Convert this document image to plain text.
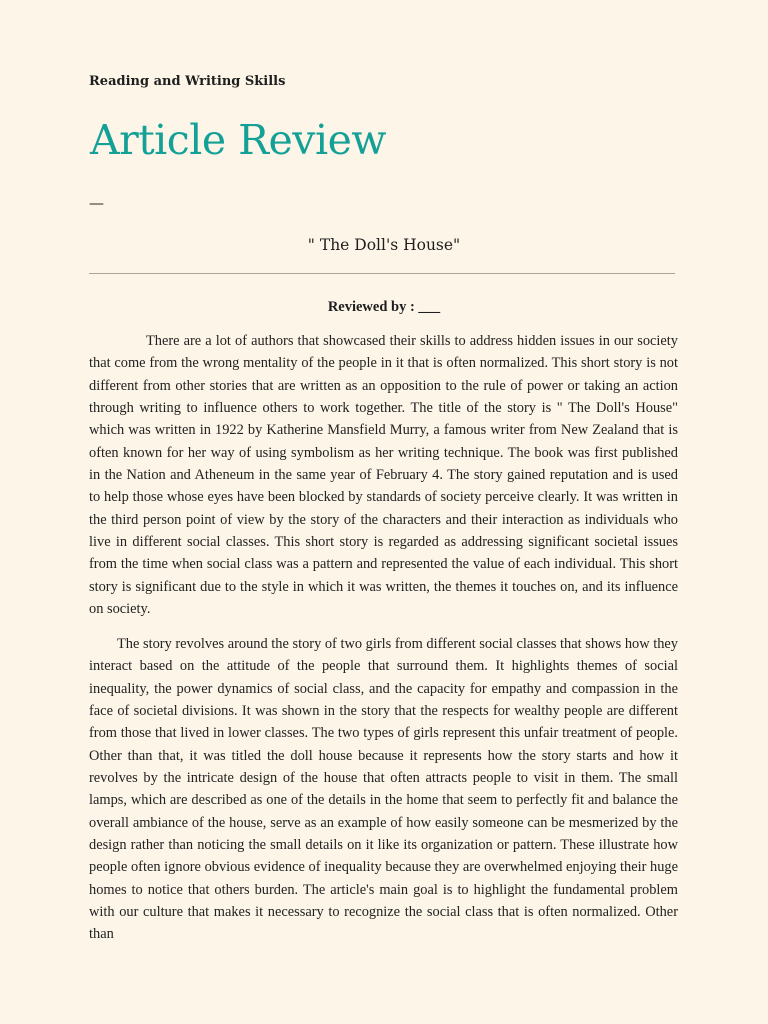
Reading and Writing Skills
Article Review
—
" The Doll's House"
Reviewed by : ___

There are a lot of authors that showcased their skills to address hidden issues in our society that come from the wrong mentality of the people in it that is often normalized. This short story is not different from other stories that are written as an opposition to the rule of power or taking an action through writing to influence others to work together. The title of the story is " The Doll's House" which was written in 1922 by Katherine Mansfield Murry, a famous writer from New Zealand that is often known for her way of using symbolism as her writing technique. The book was first published in the Nation and Atheneum in the same year of February 4. The story gained reputation and is used to help those whose eyes have been blocked by standards of society perceive clearly. It was written in the third person point of view by the story of the characters and their interaction as individuals who live in different social classes. This short story is regarded as addressing significant societal issues from the time when social class was a pattern and represented the value of each individual. This short story is significant due to the style in which it was written, the themes it touches on, and its influence on society.

The story revolves around the story of two girls from different social classes that shows how they interact based on the attitude of the people that surround them. It highlights themes of social inequality, the power dynamics of social class, and the capacity for empathy and compassion in the face of societal divisions. It was shown in the story that the respects for wealthy people are different from those that lived in lower classes. The two types of girls represent this unfair treatment of people. Other than that, it was titled the doll house because it represents how the story starts and how it revolves by the intricate design of the house that often attracts people to visit in them. The small lamps, which are described as one of the details in the home that seem to perfectly fit and balance the overall ambiance of the house, serve as an example of how easily someone can be mesmerized by the design rather than noticing the small details on it like its organization or pattern. These illustrate how people often ignore obvious evidence of inequality because they are overwhelmed enjoying their huge homes to notice that others burden. The article's main goal is to highlight the fundamental problem with our culture that makes it necessary to recognize the social class that is often normalized. Other than
